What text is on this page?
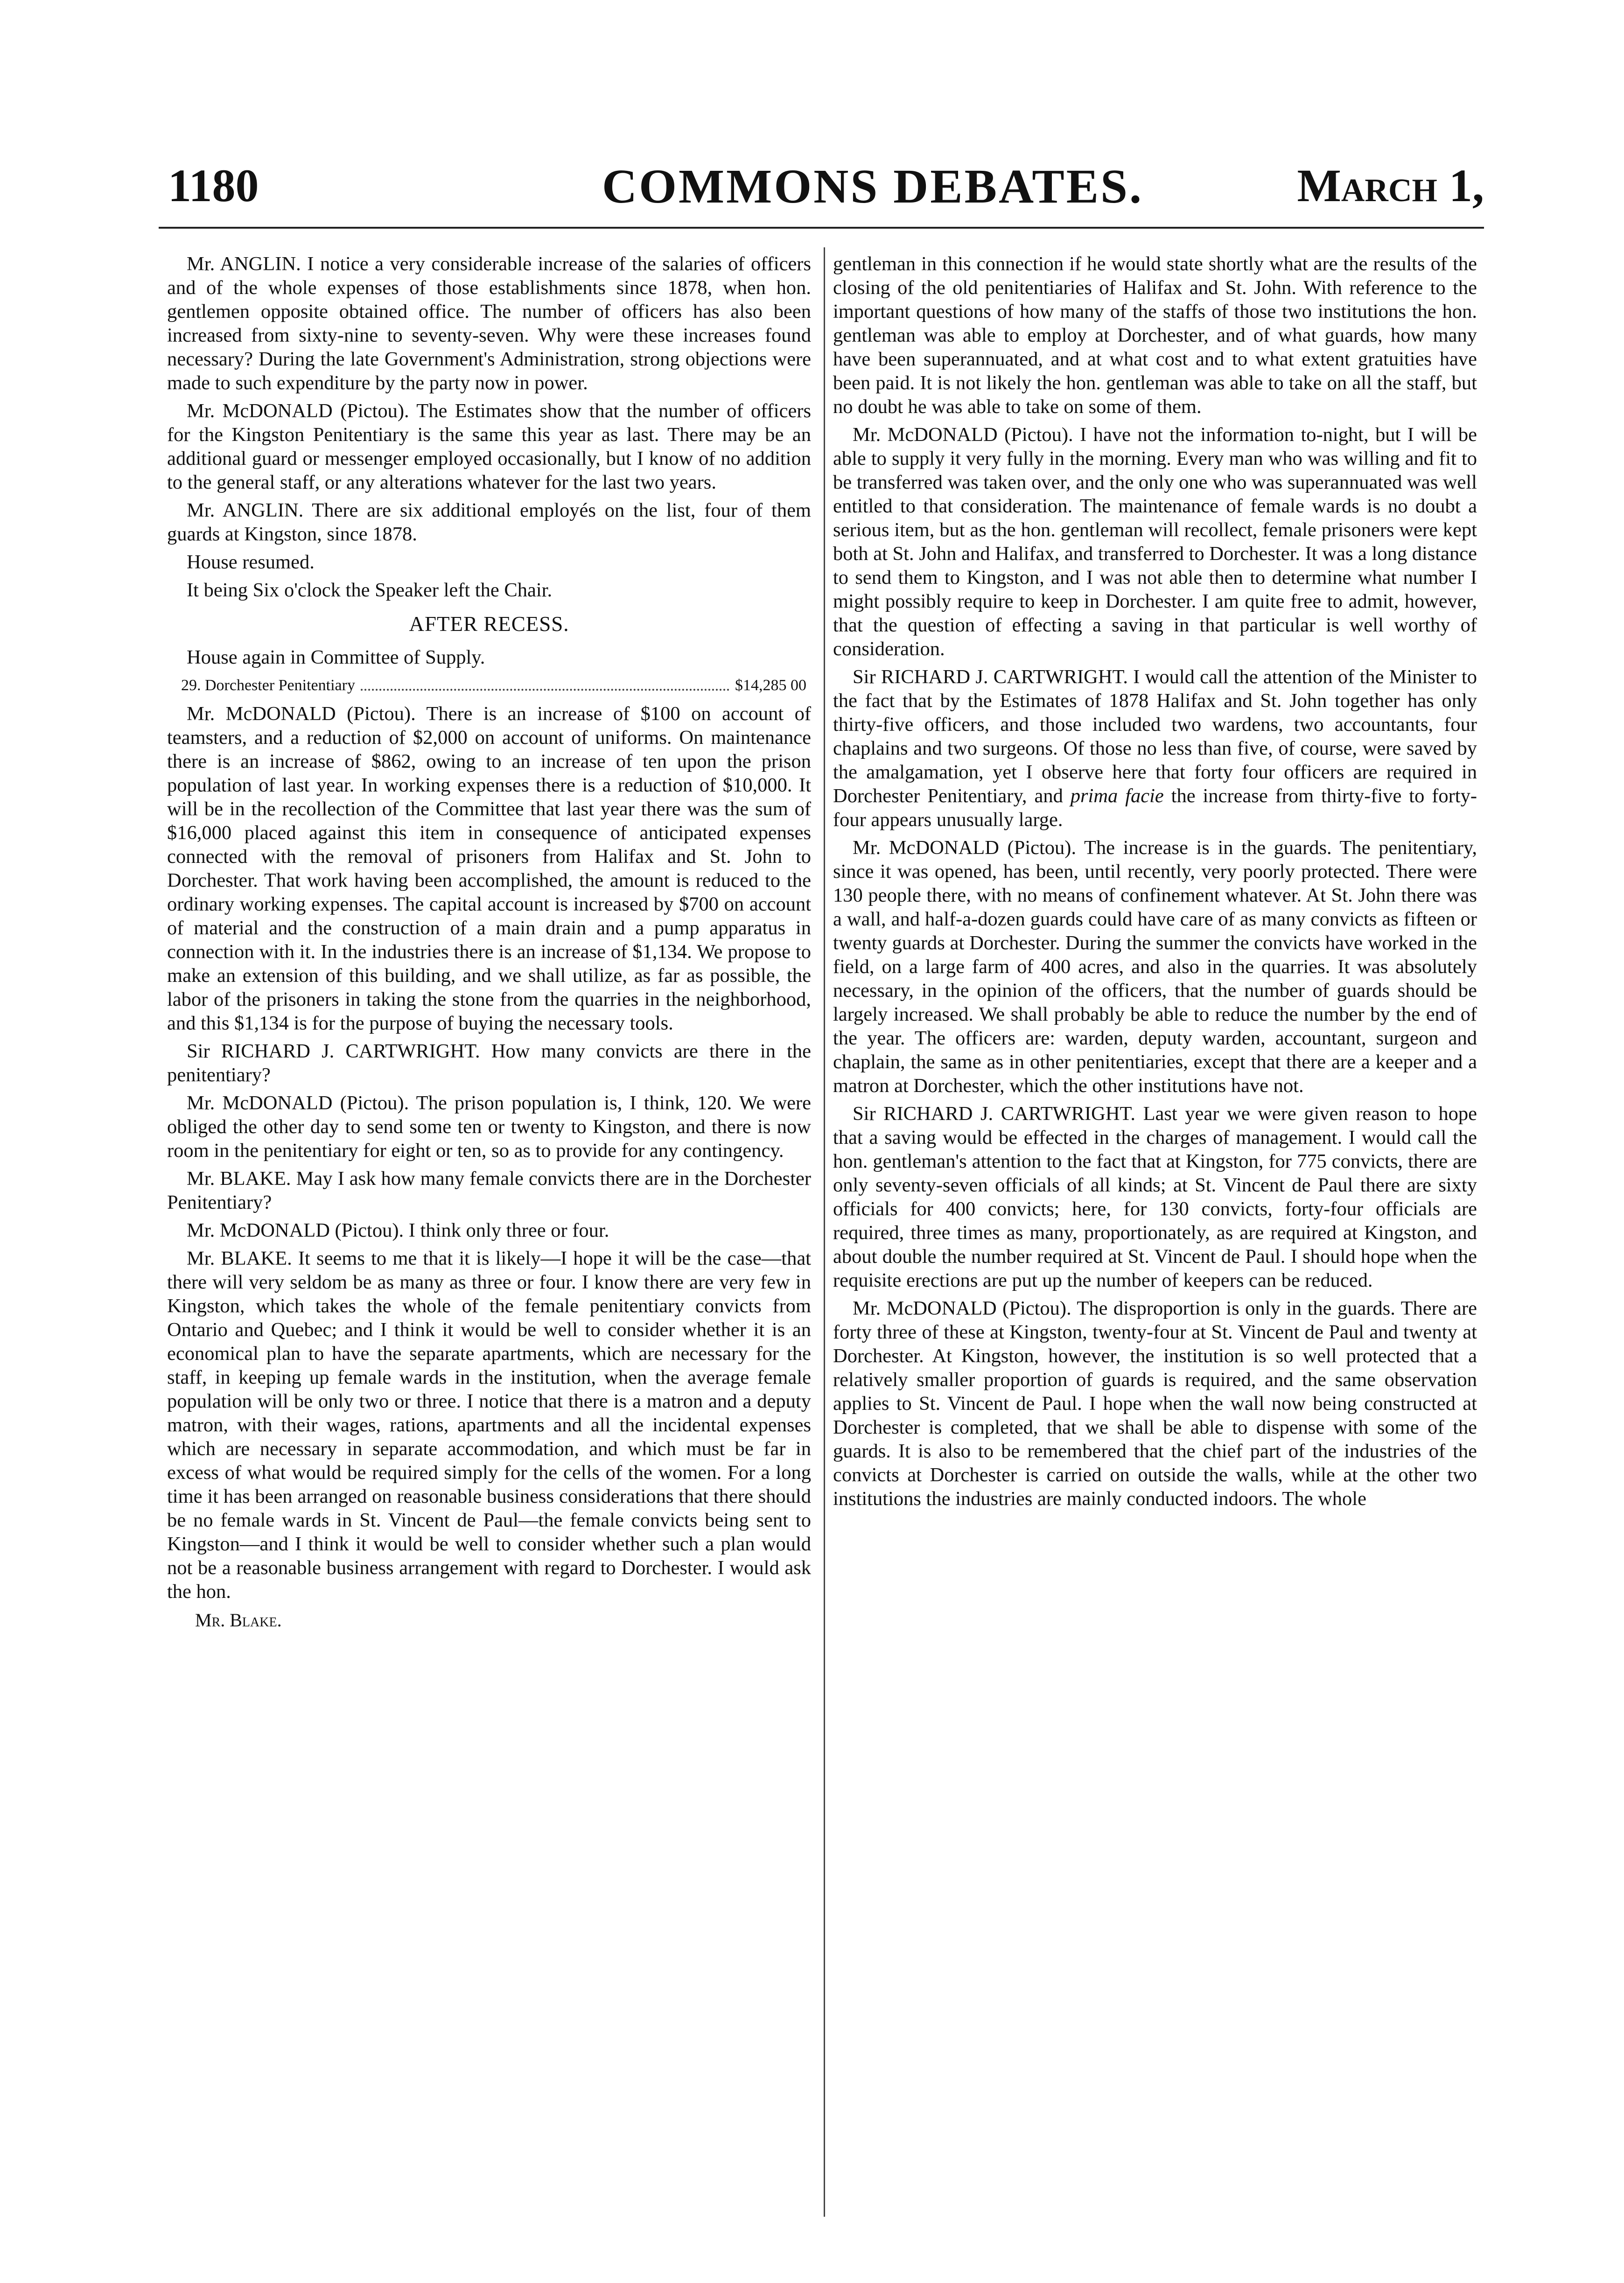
1180	COMMONS DEBATES.	March 1,

Mr. ANGLIN. I notice a very considerable increase of the salaries of officers and of the whole expenses of those establishments since 1878, when hon. gentlemen opposite obtained office. The number of officers has also been increased from sixty-nine to seventy-seven. Why were these increases found necessary? During the late Government's Administration, strong objections were made to such expenditure by the party now in power.

Mr. McDONALD (Pictou). The Estimates show that the number of officers for the Kingston Penitentiary is the same this year as last. There may be an additional guard or messenger employed occasionally, but I know of no addition to the general staff, or any alterations whatever for the last two years.

Mr. ANGLIN. There are six additional employés on the list, four of them guards at Kingston, since 1878.

House resumed.

It being Six o'clock the Speaker left the Chair.

AFTER RECESS.

House again in Committee of Supply.

29. Dorchester Penitentiary	$14,285 00

Mr. McDONALD (Pictou). There is an increase of $100 on account of teamsters, and a reduction of $2,000 on account of uniforms. On maintenance there is an increase of $862, owing to an increase of ten upon the prison population of last year. In working expenses there is a reduction of $10,000. It will be in the recollection of the Committee that last year there was the sum of $16,000 placed against this item in consequence of anticipated expenses connected with the removal of prisoners from Halifax and St. John to Dorchester. That work having been accomplished, the amount is reduced to the ordinary working expenses. The capital account is increased by $700 on account of material and the construction of a main drain and a pump apparatus in connection with it. In the industries there is an increase of $1,134. We propose to make an extension of this building, and we shall utilize, as far as possible, the labor of the prisoners in taking the stone from the quarries in the neighborhood, and this $1,134 is for the purpose of buying the necessary tools.

Sir RICHARD J. CARTWRIGHT. How many convicts are there in the penitentiary?

Mr. McDONALD (Pictou). The prison population is, I think, 120. We were obliged the other day to send some ten or twenty to Kingston, and there is now room in the penitentiary for eight or ten, so as to provide for any contingency.

Mr. BLAKE. May I ask how many female convicts there are in the Dorchester Penitentiary?

Mr. McDONALD (Pictou). I think only three or four.

Mr. BLAKE. It seems to me that it is likely—I hope it will be the case—that there will very seldom be as many as three or four. I know there are very few in Kingston, which takes the whole of the female penitentiary convicts from Ontario and Quebec; and I think it would be well to consider whether it is an economical plan to have the separate apartments, which are necessary for the staff, in keeping up female wards in the institution, when the average female population will be only two or three. I notice that there is a matron and a deputy matron, with their wages, rations, apartments and all the incidental expenses which are necessary in separate accommodation, and which must be far in excess of what would be required simply for the cells of the women. For a long time it has been arranged on reasonable business considerations that there should be no female wards in St. Vincent de Paul—the female convicts being sent to Kingston—and I think it would be well to consider whether such a plan would not be a reasonable business arrangement with regard to Dorchester. I would ask the hon.

Mr. Blake.

gentleman in this connection if he would state shortly what are the results of the closing of the old penitentiaries of Halifax and St. John. With reference to the important questions of how many of the staffs of those two institutions the hon. gentleman was able to employ at Dorchester, and of what guards, how many have been superannuated, and at what cost and to what extent gratuities have been paid. It is not likely the hon. gentleman was able to take on all the staff, but no doubt he was able to take on some of them.

Mr. McDONALD (Pictou). I have not the information to-night, but I will be able to supply it very fully in the morning. Every man who was willing and fit to be transferred was taken over, and the only one who was superannuated was well entitled to that consideration. The maintenance of female wards is no doubt a serious item, but as the hon. gentleman will recollect, female prisoners were kept both at St. John and Halifax, and transferred to Dorchester. It was a long distance to send them to Kingston, and I was not able then to determine what number I might possibly require to keep in Dorchester. I am quite free to admit, however, that the question of effecting a saving in that particular is well worthy of consideration.

Sir RICHARD J. CARTWRIGHT. I would call the attention of the Minister to the fact that by the Estimates of 1878 Halifax and St. John together has only thirty-five officers, and those included two wardens, two accountants, four chaplains and two surgeons. Of those no less than five, of course, were saved by the amalgamation, yet I observe here that forty four officers are required in Dorchester Penitentiary, and prima facie the increase from thirty-five to forty-four appears unusually large.

Mr. McDONALD (Pictou). The increase is in the guards. The penitentiary, since it was opened, has been, until recently, very poorly protected. There were 130 people there, with no means of confinement whatever. At St. John there was a wall, and half-a-dozen guards could have care of as many convicts as fifteen or twenty guards at Dorchester. During the summer the convicts have worked in the field, on a large farm of 400 acres, and also in the quarries. It was absolutely necessary, in the opinion of the officers, that the number of guards should be largely increased. We shall probably be able to reduce the number by the end of the year. The officers are: warden, deputy warden, accountant, surgeon and chaplain, the same as in other penitentiaries, except that there are a keeper and a matron at Dorchester, which the other institutions have not.

Sir RICHARD J. CARTWRIGHT. Last year we were given reason to hope that a saving would be effected in the charges of management. I would call the hon. gentleman's attention to the fact that at Kingston, for 775 convicts, there are only seventy-seven officials of all kinds; at St. Vincent de Paul there are sixty officials for 400 convicts; here, for 130 convicts, forty-four officials are required, three times as many, proportionately, as are required at Kingston, and about double the number required at St. Vincent de Paul. I should hope when the requisite erections are put up the number of keepers can be reduced.

Mr. McDONALD (Pictou). The disproportion is only in the guards. There are forty three of these at Kingston, twenty-four at St. Vincent de Paul and twenty at Dorchester. At Kingston, however, the institution is so well protected that a relatively smaller proportion of guards is required, and the same observation applies to St. Vincent de Paul. I hope when the wall now being constructed at Dorchester is completed, that we shall be able to dispense with some of the guards. It is also to be remembered that the chief part of the industries of the convicts at Dorchester is carried on outside the walls, while at the other two institutions the industries are mainly conducted indoors. The whole
